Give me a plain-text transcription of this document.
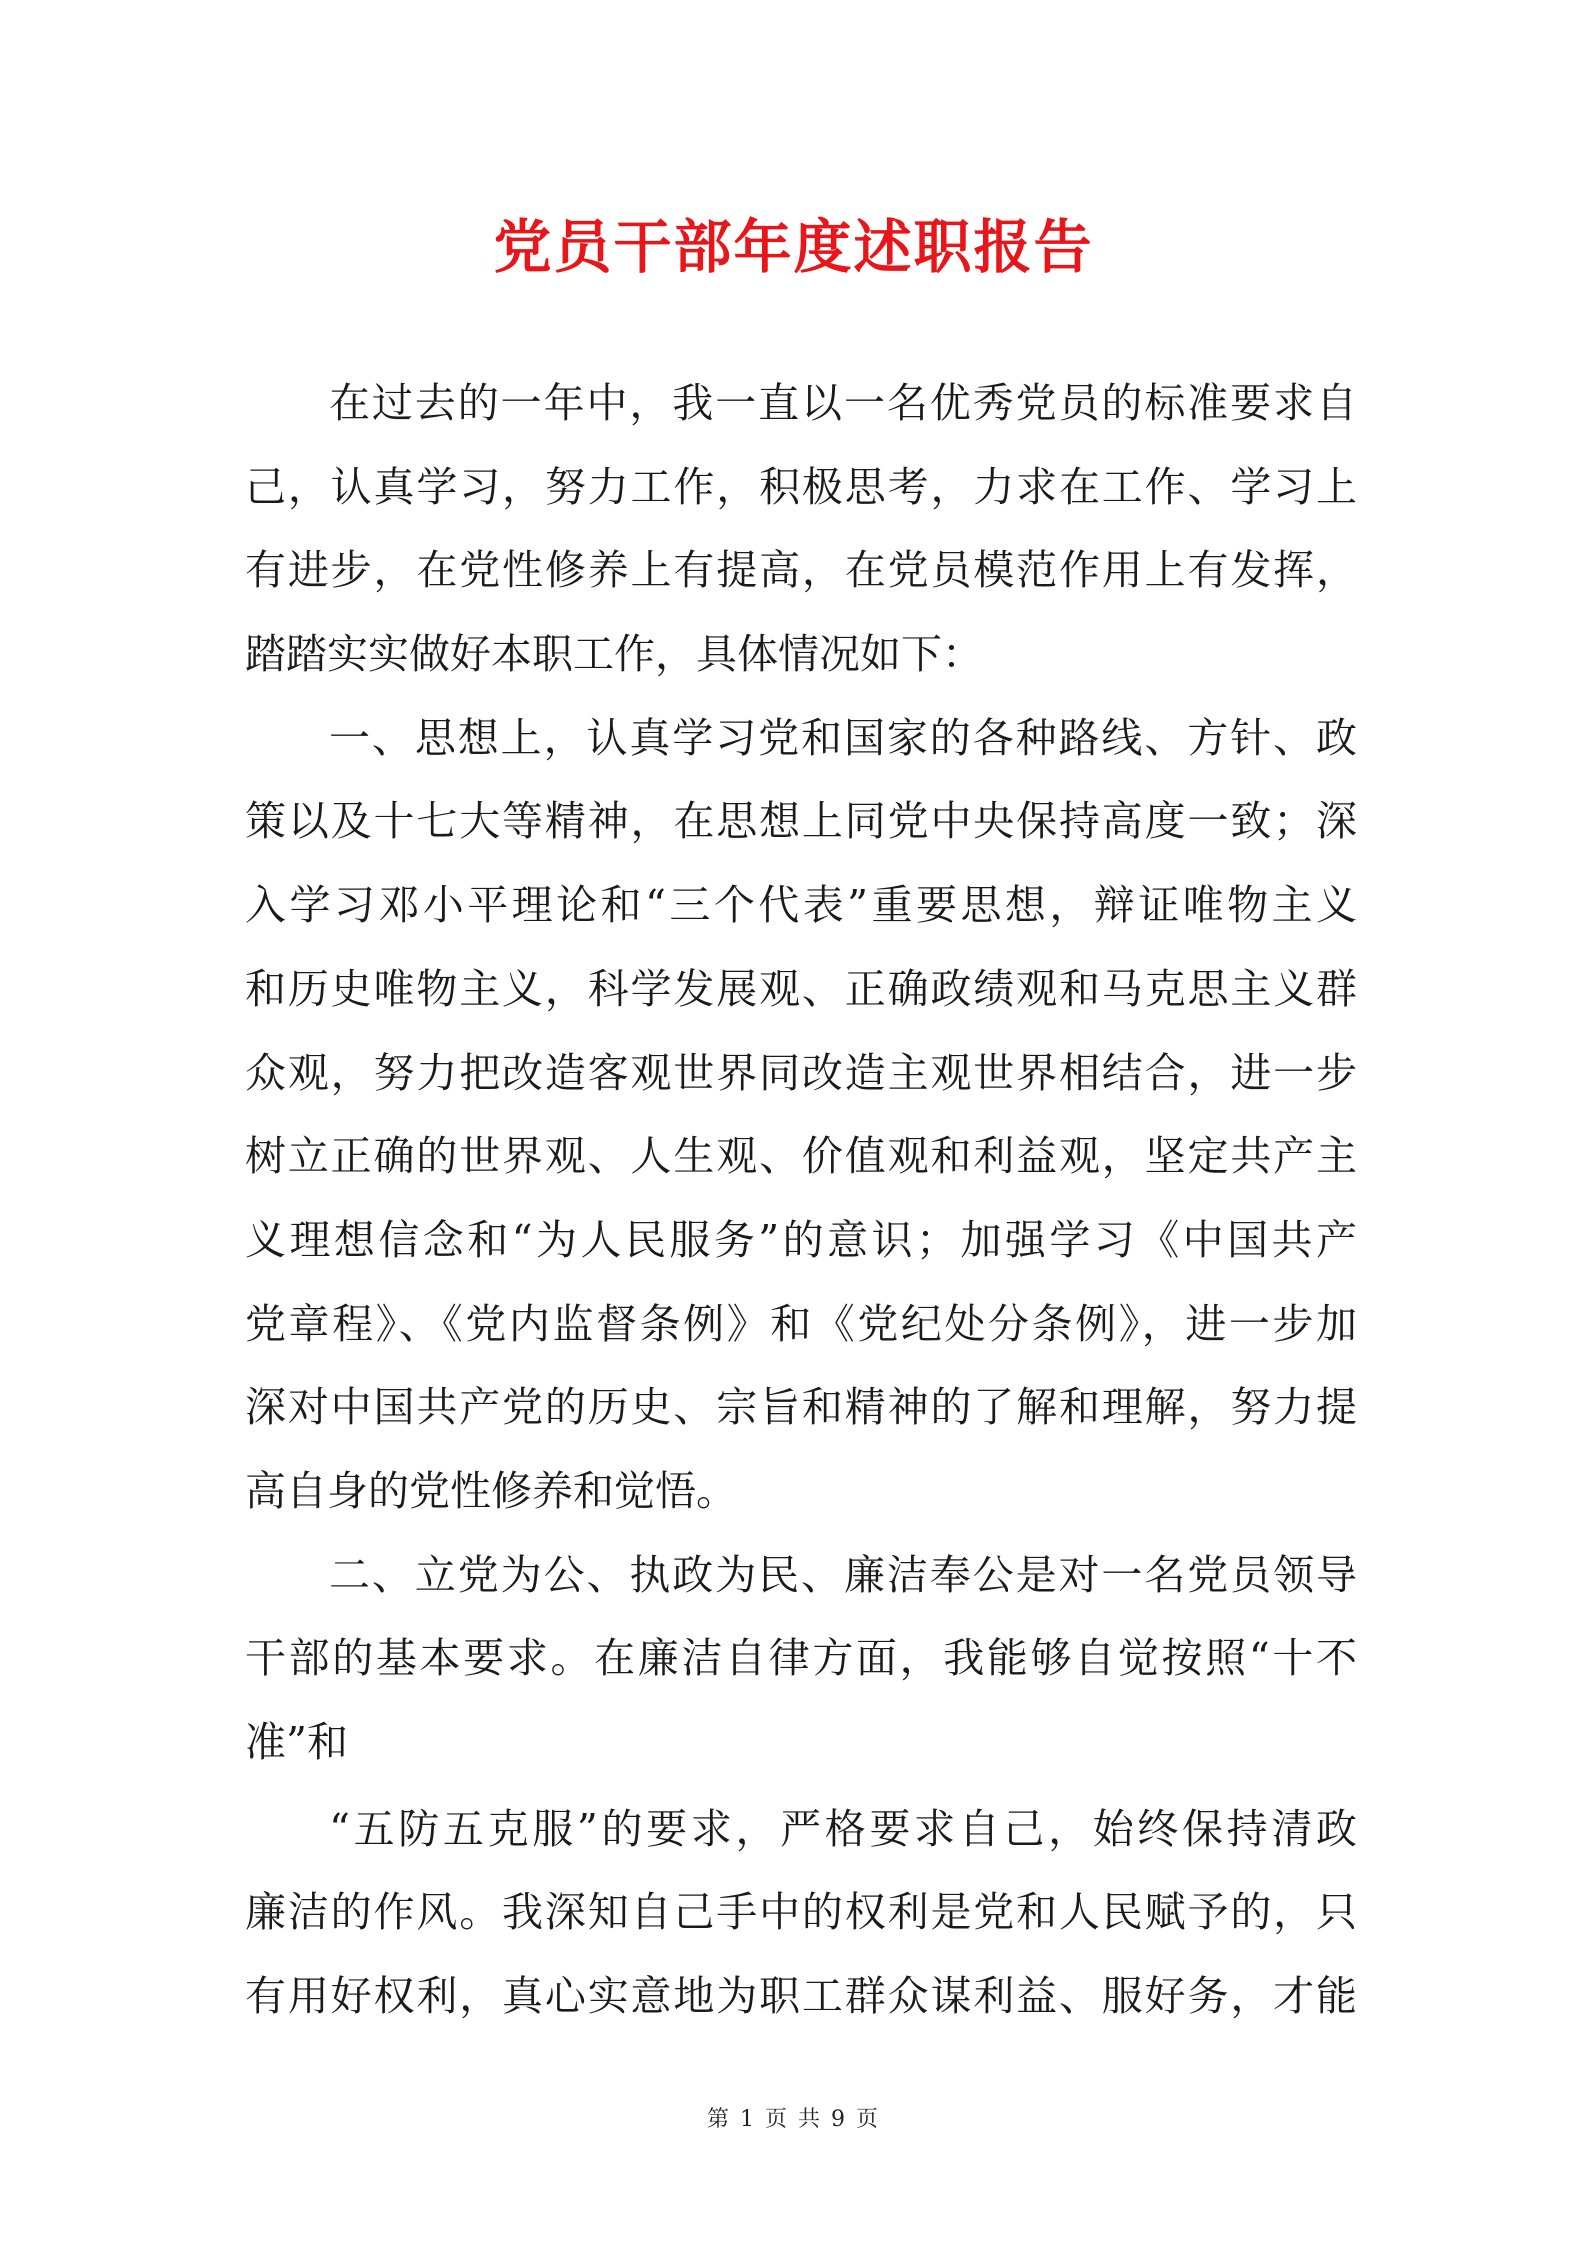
党员干部年度述职报告
在过去的一年中，我一直以一名优秀党员的标准要求自
己，认真学习，努力工作，积极思考，力求在工作、学习上
有进步，在党性修养上有提高，在党员模范作用上有发挥，
踏踏实实做好本职工作，具体情况如下：
一、思想上，认真学习党和国家的各种路线、方针、政
策以及十七大等精神，在思想上同党中央保持高度一致；深
入学习邓小平理论和“三个代表”重要思想，辩证唯物主义
和历史唯物主义，科学发展观、正确政绩观和马克思主义群
众观，努力把改造客观世界同改造主观世界相结合，进一步
树立正确的世界观、人生观、价值观和利益观，坚定共产主
义理想信念和“为人民服务”的意识；加强学习《中国共产
党章程》、《党内监督条例》和《党纪处分条例》，进一步加
深对中国共产党的历史、宗旨和精神的了解和理解，努力提
高自身的党性修养和觉悟。
二、立党为公、执政为民、廉洁奉公是对一名党员领导
干部的基本要求。在廉洁自律方面，我能够自觉按照“十不
准”和
“五防五克服”的要求，严格要求自己，始终保持清政
廉洁的作风。我深知自己手中的权利是党和人民赋予的，只
有用好权利，真心实意地为职工群众谋利益、服好务，才能
第 1 页 共 9 页
